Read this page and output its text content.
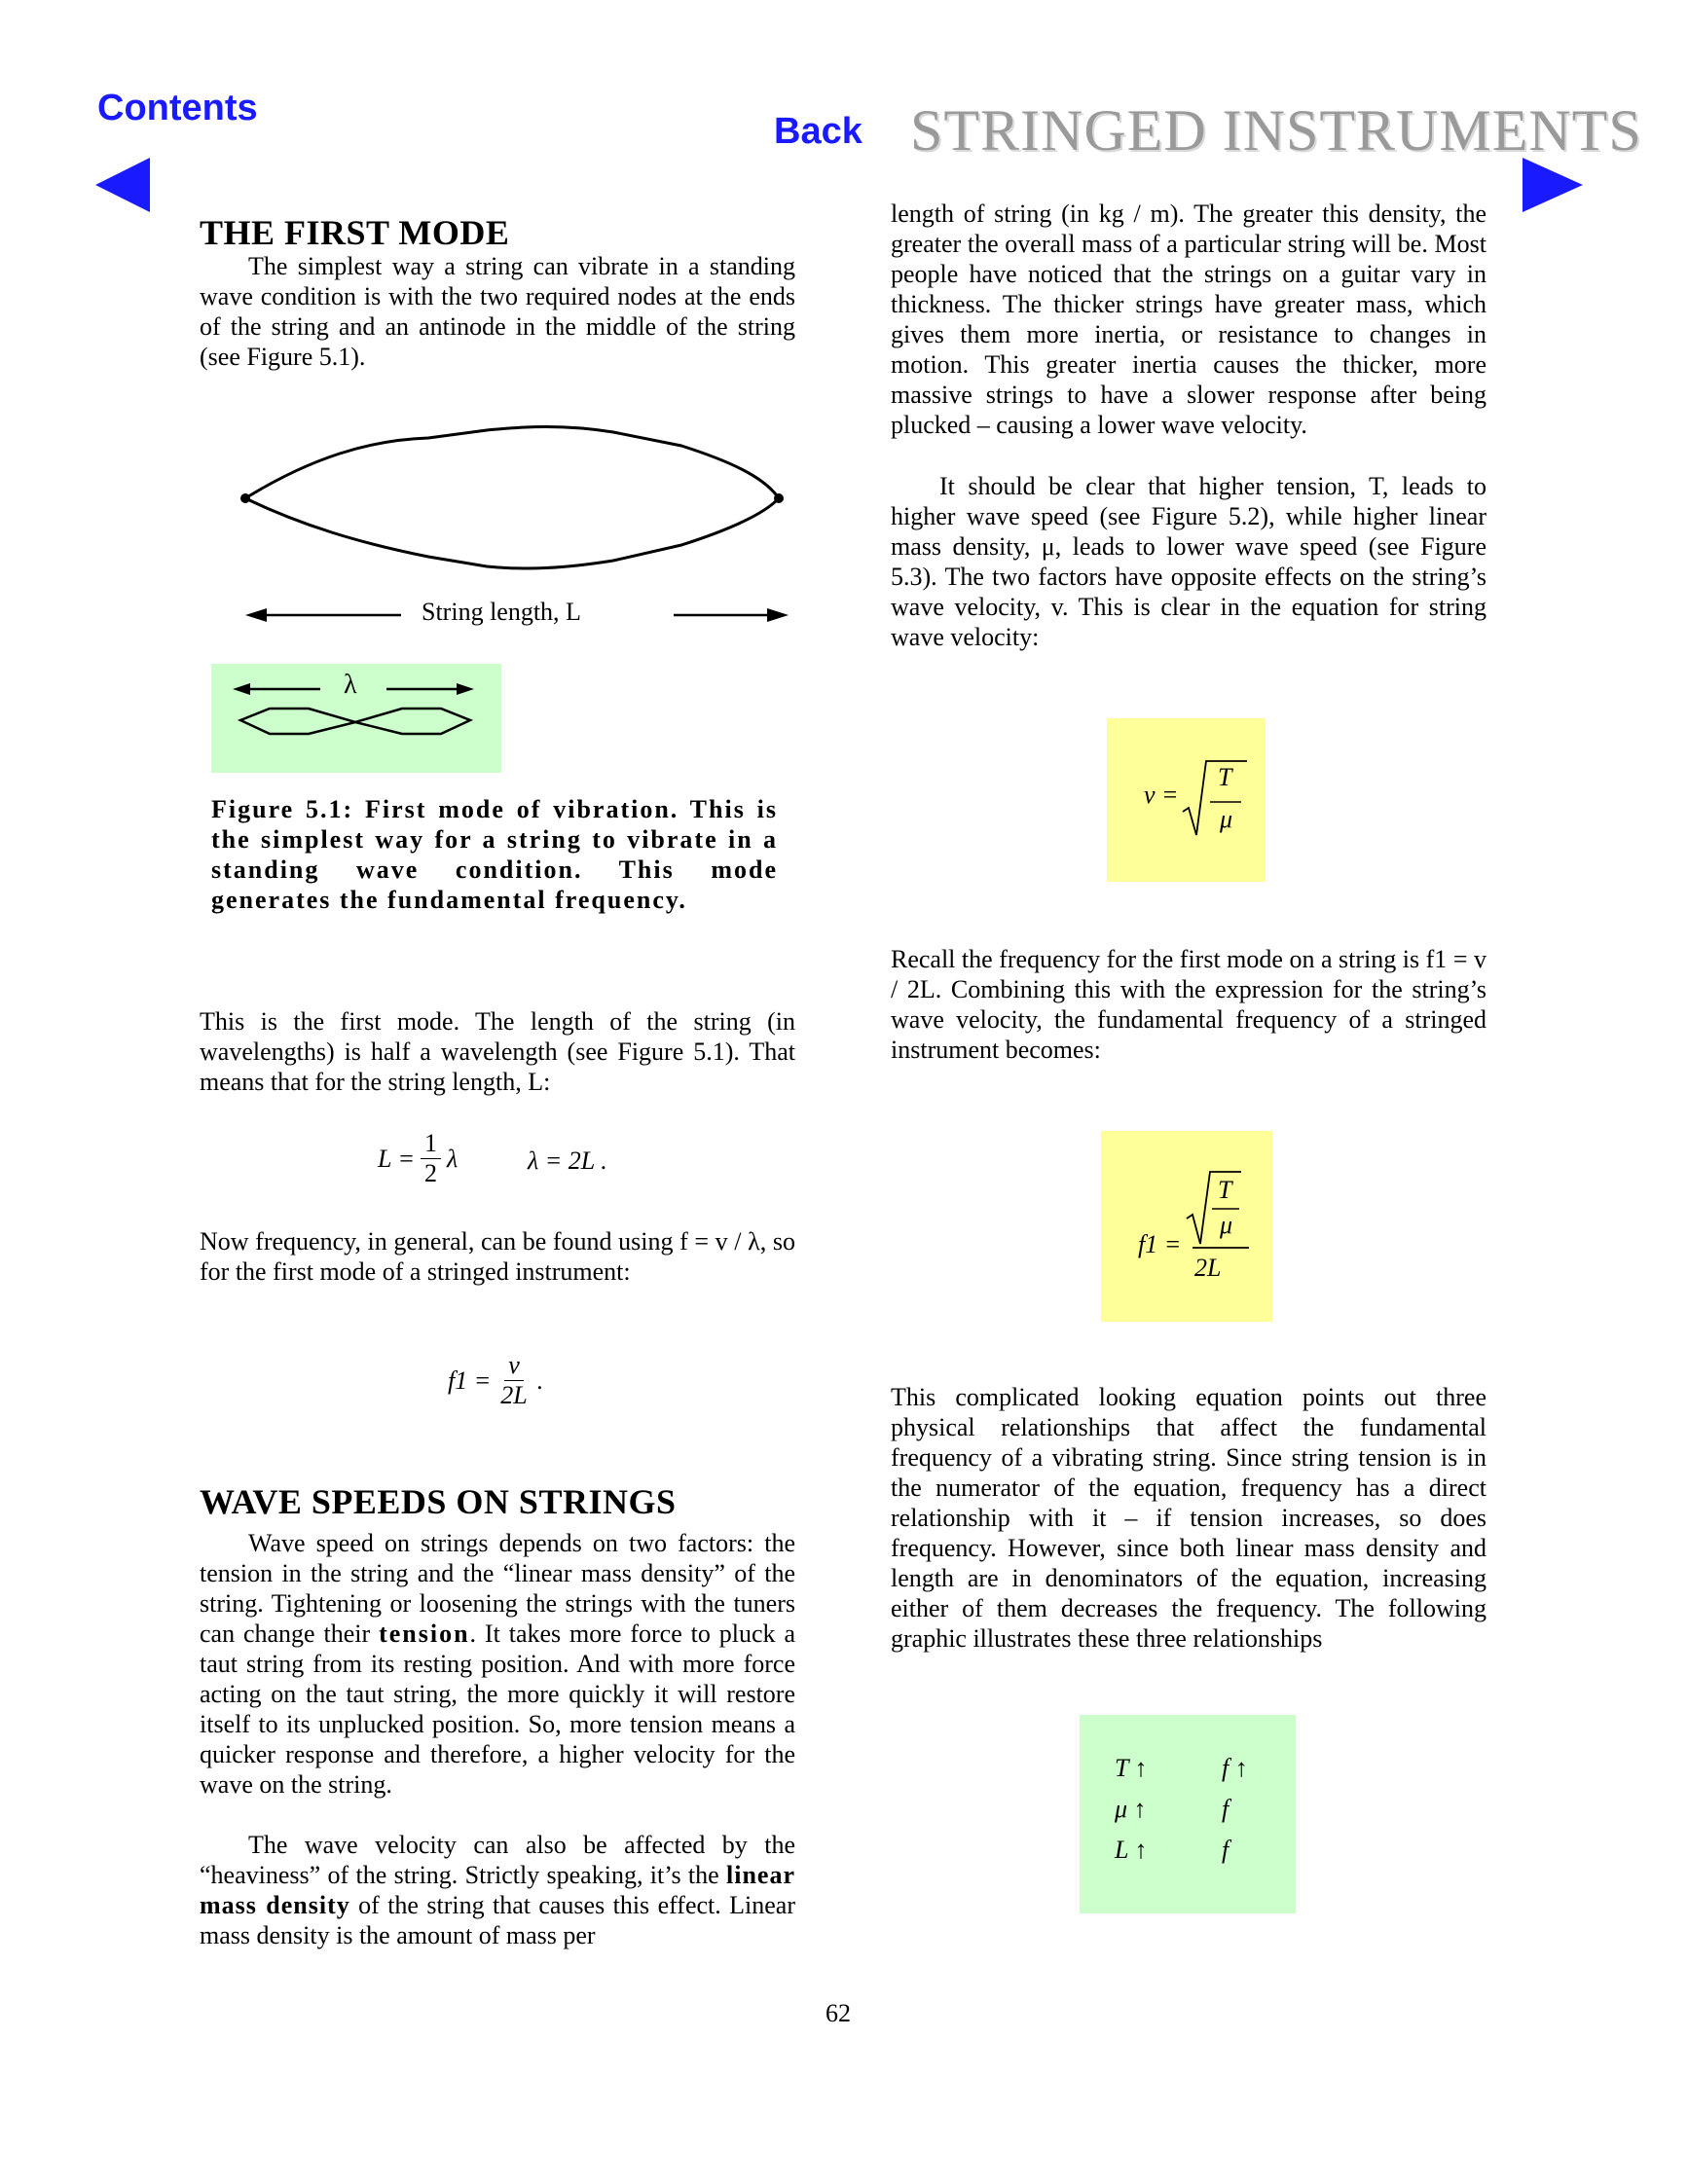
Contents
Back STRINGED INSTRUMENTS
THE FIRST MODE
The simplest way a string can vibrate in a standing wave condition is with the two required nodes at the ends of the string and an antinode in the middle of the string (see Figure 5.1).
String length, L
λ
Figure 5.1: First mode of vibration. This is the simplest way for a string to vibrate in a standing wave condition. This mode generates the fundamental frequency.
This is the first mode. The length of the string (in wavelengths) is half a wavelength (see Figure 5.1). That means that for the string length, L:
$L = \frac{1}{2}$ λ	λ = 2L .
Now frequency, in general, can be found using f = v / λ, so for the first mode of a stringed instrument:
$f1 = \frac{v}{2L}$ .
WAVE SPEEDS ON STRINGS
Wave speed on strings depends on two factors: the tension in the string and the “linear mass density” of the string. Tightening or loosening the strings with the tuners can change their tension. It takes more force to pluck a taut string from its resting position. And with more force acting on the taut string, the more quickly it will restore itself to its unplucked position. So, more tension means a quicker response and therefore, a higher velocity for the wave on the string.
The wave velocity can also be affected by the “heaviness” of the string. Strictly speaking, it’s the linear mass density of the string that causes this effect. Linear mass density is the amount of mass per
length of string (in kg / m). The greater this density, the greater the overall mass of a particular string will be. Most people have noticed that the strings on a guitar vary in thickness. The thicker strings have greater mass, which gives them more inertia, or resistance to changes in motion. This greater inertia causes the thicker, more massive strings to have a slower response after being plucked – causing a lower wave velocity.
It should be clear that higher tension, T, leads to higher wave speed (see Figure 5.2), while higher linear mass density, μ, leads to lower wave speed (see Figure 5.3). The two factors have opposite effects on the string’s wave velocity, v. This is clear in the equation for string wave velocity:
v =
T
μ
Recall the frequency for the first mode on a string is f1 = v / 2L. Combining this with the expression for the string’s wave velocity, the fundamental frequency of a stringed instrument becomes:
f1 =
T
μ
2L
This complicated looking equation points out three physical relationships that affect the fundamental frequency of a vibrating string. Since string tension is in the numerator of the equation, frequency has a direct relationship with it – if tension increases, so does frequency. However, since both linear mass density and length are in denominators of the equation, increasing either of them decreases the frequency. The following graphic illustrates these three relationships
T ↑	f ↑
μ ↑	f
L ↑	f
62
